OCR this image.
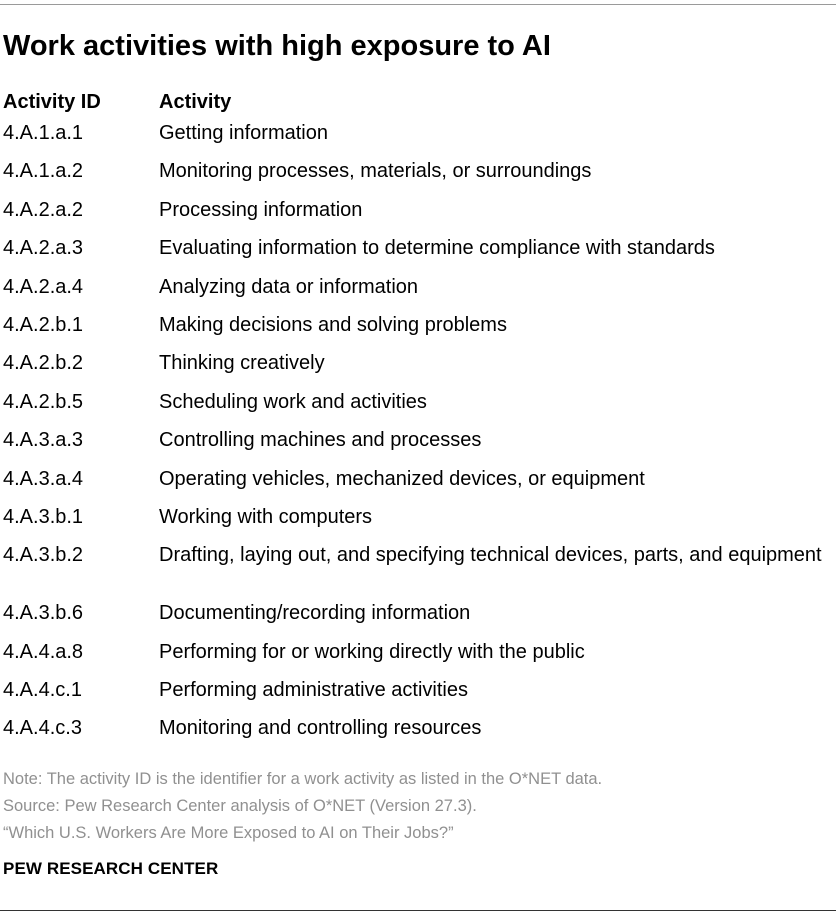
Work activities with high exposure to AI
Activity ID	Activity
4.A.1.a.1	Getting information
4.A.1.a.2	Monitoring processes, materials, or surroundings
4.A.2.a.2	Processing information
4.A.2.a.3	Evaluating information to determine compliance with standards
4.A.2.a.4	Analyzing data or information
4.A.2.b.1	Making decisions and solving problems
4.A.2.b.2	Thinking creatively
4.A.2.b.5	Scheduling work and activities
4.A.3.a.3	Controlling machines and processes
4.A.3.a.4	Operating vehicles, mechanized devices, or equipment
4.A.3.b.1	Working with computers
4.A.3.b.2	Drafting, laying out, and specifying technical devices, parts, and equipment
4.A.3.b.6	Documenting/recording information
4.A.4.a.8	Performing for or working directly with the public
4.A.4.c.1	Performing administrative activities
4.A.4.c.3	Monitoring and controlling resources
Note: The activity ID is the identifier for a work activity as listed in the O*NET data.
Source: Pew Research Center analysis of O*NET (Version 27.3).
“Which U.S. Workers Are More Exposed to AI on Their Jobs?”
PEW RESEARCH CENTER
